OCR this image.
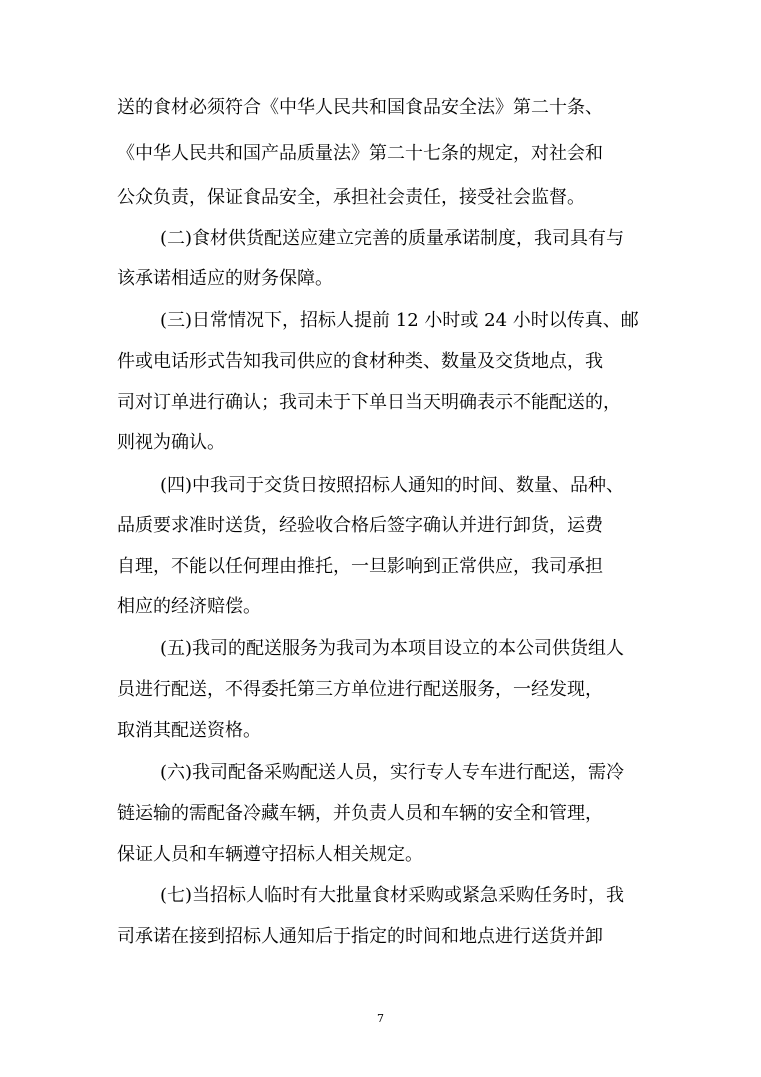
送的食材必须符合《中华人民共和国食品安全法》第二十条、
《中华人民共和国产品质量法》第二十七条的规定，对社会和
公众负责，保证食品安全，承担社会责任，接受社会监督。
(二)食材供货配送应建立完善的质量承诺制度，我司具有与
该承诺相适应的财务保障。
(三)日常情况下，招标人提前 12 小时或 24 小时以传真、邮
件或电话形式告知我司供应的食材种类、数量及交货地点，我
司对订单进行确认；我司未于下单日当天明确表示不能配送的，
则视为确认。
(四)中我司于交货日按照招标人通知的时间、数量、品种、
品质要求准时送货，经验收合格后签字确认并进行卸货，运费
自理，不能以任何理由推托，一旦影响到正常供应，我司承担
相应的经济赔偿。
(五)我司的配送服务为我司为本项目设立的本公司供货组人
员进行配送，不得委托第三方单位进行配送服务，一经发现，
取消其配送资格。
(六)我司配备采购配送人员，实行专人专车进行配送，需冷
链运输的需配备冷藏车辆，并负责人员和车辆的安全和管理，
保证人员和车辆遵守招标人相关规定。
(七)当招标人临时有大批量食材采购或紧急采购任务时，我
司承诺在接到招标人通知后于指定的时间和地点进行送货并卸
7
